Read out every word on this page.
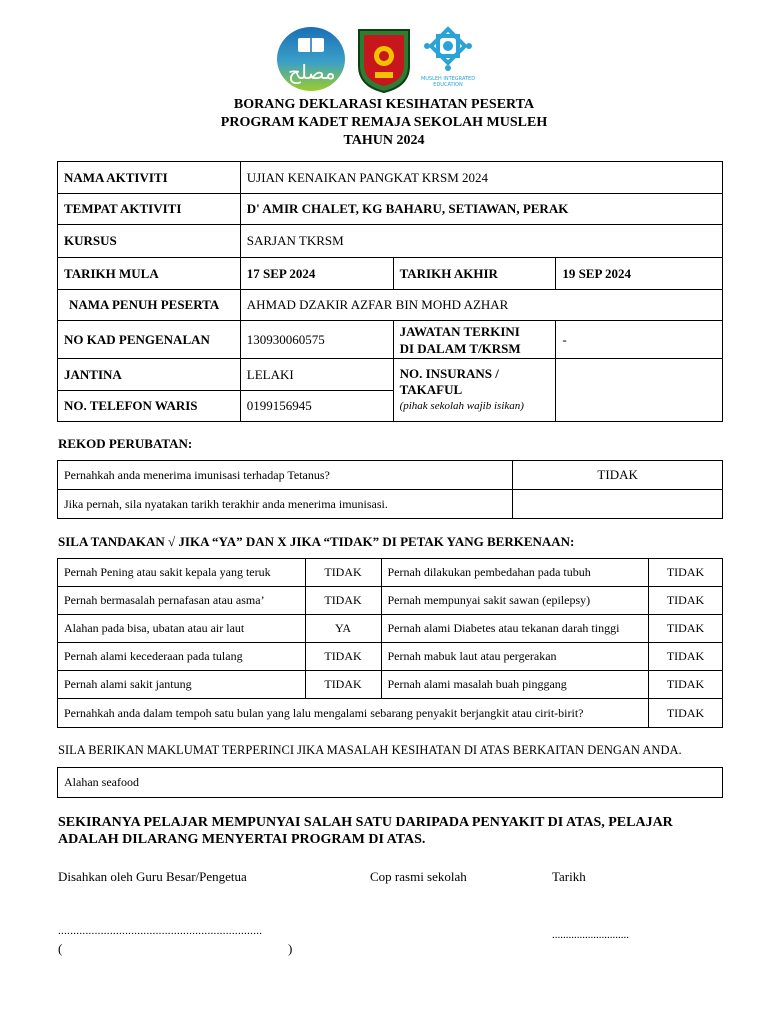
مصلح	MUSLEH INTEGRATED EDUCATION
BORANG DEKLARASI KESIHATAN PESERTA
PROGRAM KADET REMAJA SEKOLAH MUSLEH
TAHUN 2024
NAMA AKTIVITI	UJIAN KENAIKAN PANGKAT KRSM 2024		
TEMPAT AKTIVITI	D' AMIR CHALET, KG BAHARU, SETIAWAN, PERAK		
KURSUS	SARJAN TKRSM		
TARIKH MULA	17 SEP 2024	TARIKH AKHIR	19 SEP 2024
NAMA PENUH PESERTA	AHMAD DZAKIR AZFAR BIN MOHD AZHAR		
NO KAD PENGENALAN	130930060575	JAWATAN TERKINI
DI DALAM T/KRSM	-
JANTINA	LELAKI	NO. INSURANS /
TAKAFUL
(pihak sekolah wajib isikan)	

NO. TELEFON WARIS	0199156945		
REKOD PERUBATAN:
Pernahkah anda menerima imunisasi terhadap Tetanus?	TIDAK
Jika pernah, sila nyatakan tarikh terakhir anda menerima imunisasi.	
SILA TANDAKAN √ JIKA “YA” DAN X JIKA “TIDAK” DI PETAK YANG BERKENAAN:
Pernah Pening atau sakit kepala yang teruk	TIDAK	Pernah dilakukan pembedahan pada tubuh	TIDAK
Pernah bermasalah pernafasan atau asma’	TIDAK	Pernah mempunyai sakit sawan (epilepsy)	TIDAK
Alahan pada bisa, ubatan atau air laut	YA	Pernah alami Diabetes atau tekanan darah tinggi	TIDAK
Pernah alami kecederaan pada tulang	TIDAK	Pernah mabuk laut atau pergerakan	TIDAK
Pernah alami sakit jantung	TIDAK	Pernah alami masalah buah pinggang	TIDAK
Pernahkah anda dalam tempoh satu bulan yang lalu mengalami sebarang penyakit berjangkit atau cirit-birit?			TIDAK
SILA BERIKAN MAKLUMAT TERPERINCI JIKA MASALAH KESIHATAN DI ATAS BERKAITAN DENGAN ANDA.
Alahan seafood
SEKIRANYA PELAJAR MEMPUNYAI SALAH SATU DARIPADA PENYAKIT DI ATAS, PELAJAR
ADALAH DILARANG MENYERTAI PROGRAM DI ATAS.
Disahkan oleh Guru Besar/Pengetua	Cop rasmi sekolah	Tarikh
...................................................................
(	)
............................
